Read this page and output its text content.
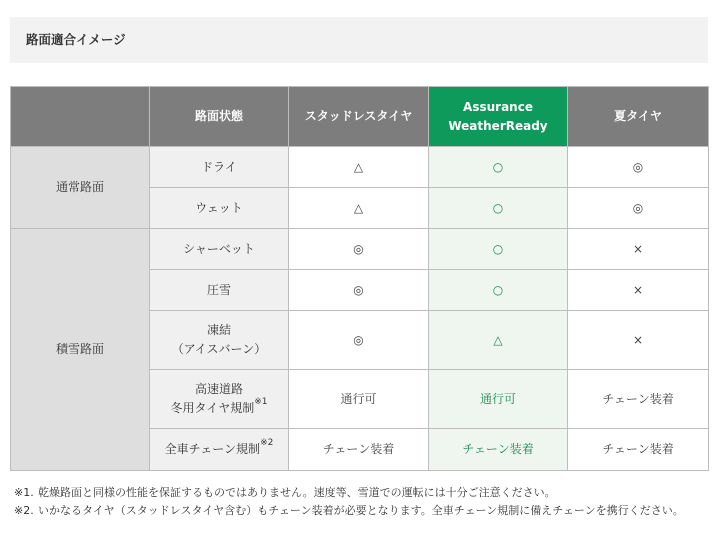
路面適合イメージ
	路面状態	スタッドレスタイヤ	Assurance
WeatherReady	夏タイヤ
通常路面	ドライ	△	○	◎
	ウェット	△	○	◎
積雪路面	シャーベット	◎	○	×
	圧雪	◎	○	×
	凍結
（アイスバーン）	◎	△	×
	高速道路
冬用タイヤ規制$^{※1}$	通行可	通行可	チェーン装着
	全車チェーン規制$^{※2}$	チェーン装着	チェーン装着	チェーン装着
※1. 乾燥路面と同様の性能を保証するものではありません。速度等、雪道での運転には十分ご注意ください。
※2. いかなるタイヤ（スタッドレスタイヤ含む）もチェーン装着が必要となります。全車チェーン規制に備えチェーンを携行ください。
